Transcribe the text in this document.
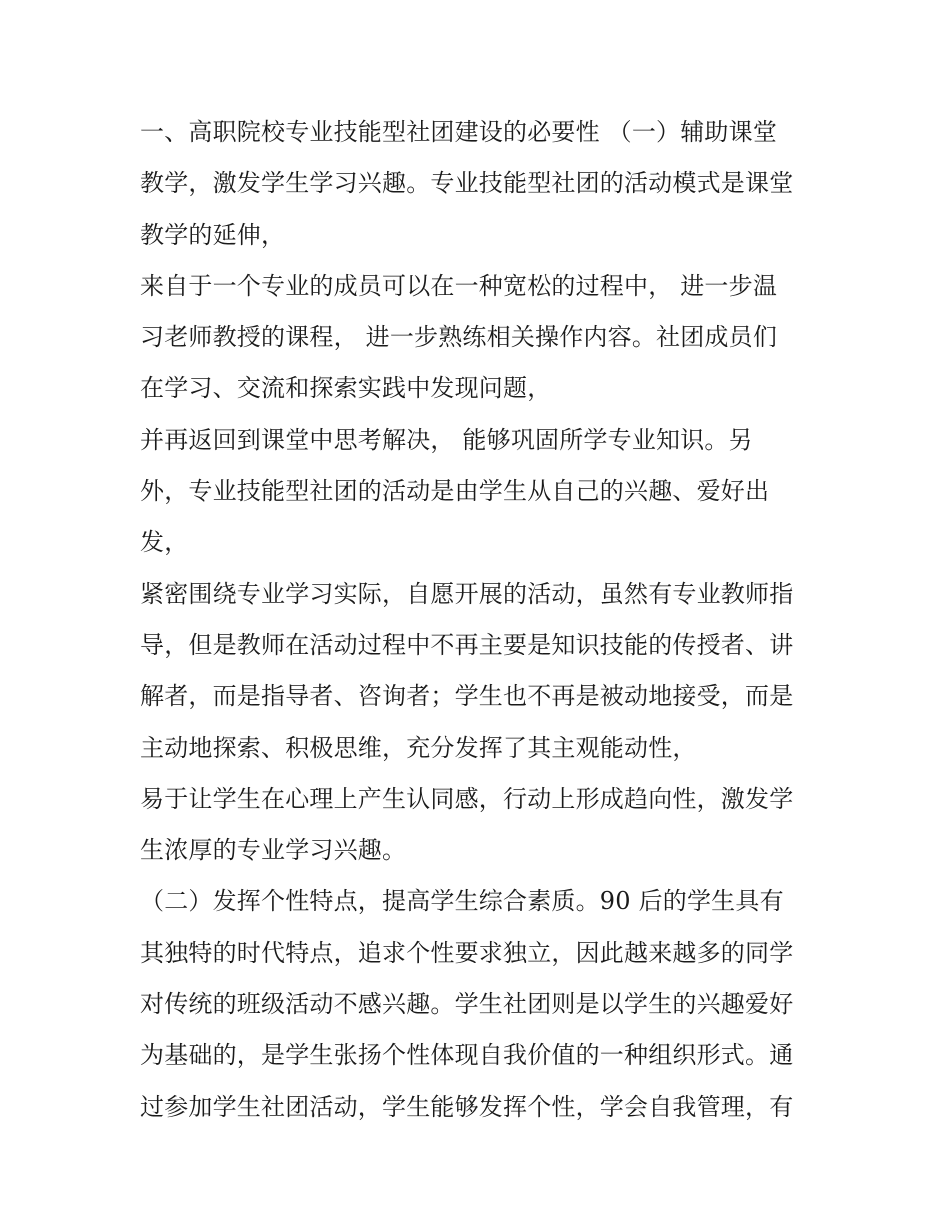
一、高职院校专业技能型社团建设的必要性 （一）辅助课堂
教学，激发学生学习兴趣。专业技能型社团的活动模式是课堂
教学的延伸，
来自于一个专业的成员可以在一种宽松的过程中， 进一步温
习老师教授的课程， 进一步熟练相关操作内容。社团成员们
在学习、交流和探索实践中发现问题，
并再返回到课堂中思考解决， 能够巩固所学专业知识。另
外，专业技能型社团的活动是由学生从自己的兴趣、爱好出
发，
紧密围绕专业学习实际，自愿开展的活动，虽然有专业教师指
导，但是教师在活动过程中不再主要是知识技能的传授者、讲
解者，而是指导者、咨询者；学生也不再是被动地接受，而是
主动地探索、积极思维，充分发挥了其主观能动性，
易于让学生在心理上产生认同感，行动上形成趋向性，激发学
生浓厚的专业学习兴趣。
（二）发挥个性特点，提高学生综合素质。90 后的学生具有
其独特的时代特点，追求个性要求独立，因此越来越多的同学
对传统的班级活动不感兴趣。学生社团则是以学生的兴趣爱好
为基础的，是学生张扬个性体现自我价值的一种组织形式。通
过参加学生社团活动，学生能够发挥个性，学会自我管理，有
